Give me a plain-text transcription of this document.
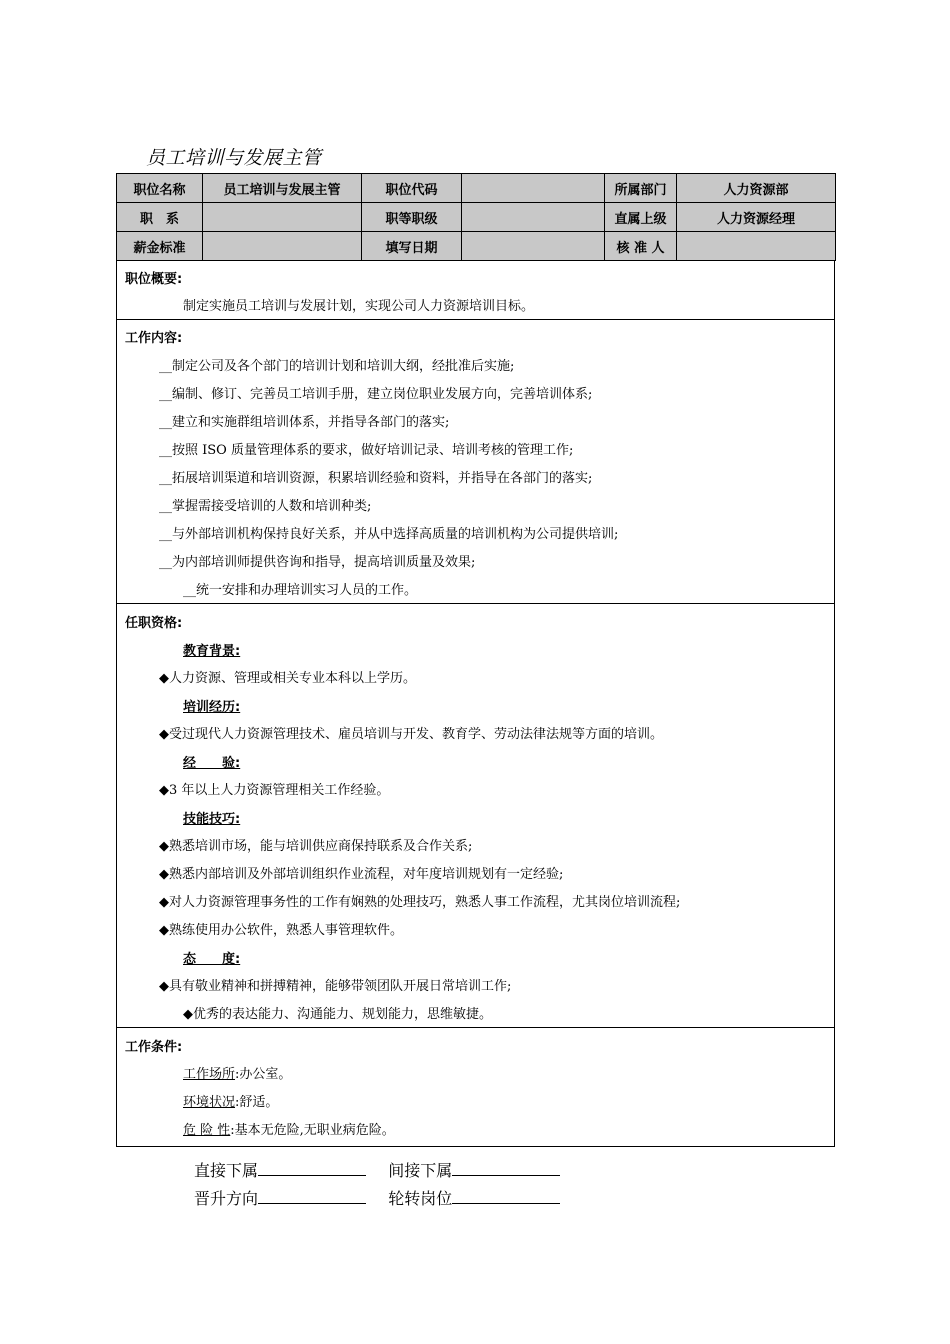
员工培训与发展主管
职位名称	员工培训与发展主管	职位代码		所属部门	人力资源部
职　系		职等职级		直属上级	人力资源经理
薪金标准		填写日期		核 准 人	
职位概要:
制定实施员工培训与发展计划，实现公司人力资源培训目标。
工作内容:
__制定公司及各个部门的培训计划和培训大纲，经批准后实施;
__编制、修订、完善员工培训手册，建立岗位职业发展方向，完善培训体系;
__建立和实施群组培训体系，并指导各部门的落实;
__按照 ISO 质量管理体系的要求，做好培训记录、培训考核的管理工作;
__拓展培训渠道和培训资源，积累培训经验和资料，并指导在各部门的落实;
__掌握需接受培训的人数和培训种类;
__与外部培训机构保持良好关系，并从中选择高质量的培训机构为公司提供培训;
__为内部培训师提供咨询和指导，提高培训质量及效果;
__统一安排和办理培训实习人员的工作。
任职资格:
教育背景:
◆人力资源、管理或相关专业本科以上学历。
培训经历:
◆受过现代人力资源管理技术、雇员培训与开发、教育学、劳动法律法规等方面的培训。
经　　验:
◆3 年以上人力资源管理相关工作经验。
技能技巧:
◆熟悉培训市场，能与培训供应商保持联系及合作关系;
◆熟悉内部培训及外部培训组织作业流程，对年度培训规划有一定经验;
◆对人力资源管理事务性的工作有娴熟的处理技巧，熟悉人事工作流程，尤其岗位培训流程;
◆熟练使用办公软件，熟悉人事管理软件。
态　　度:
◆具有敬业精神和拼搏精神，能够带领团队开展日常培训工作;
◆优秀的表达能力、沟通能力、规划能力，思维敏捷。
工作条件:
工作场所:办公室。
环境状况:舒适。
危 险 性:基本无危险,无职业病危险。
直接下属	间接下属
晋升方向	轮转岗位
